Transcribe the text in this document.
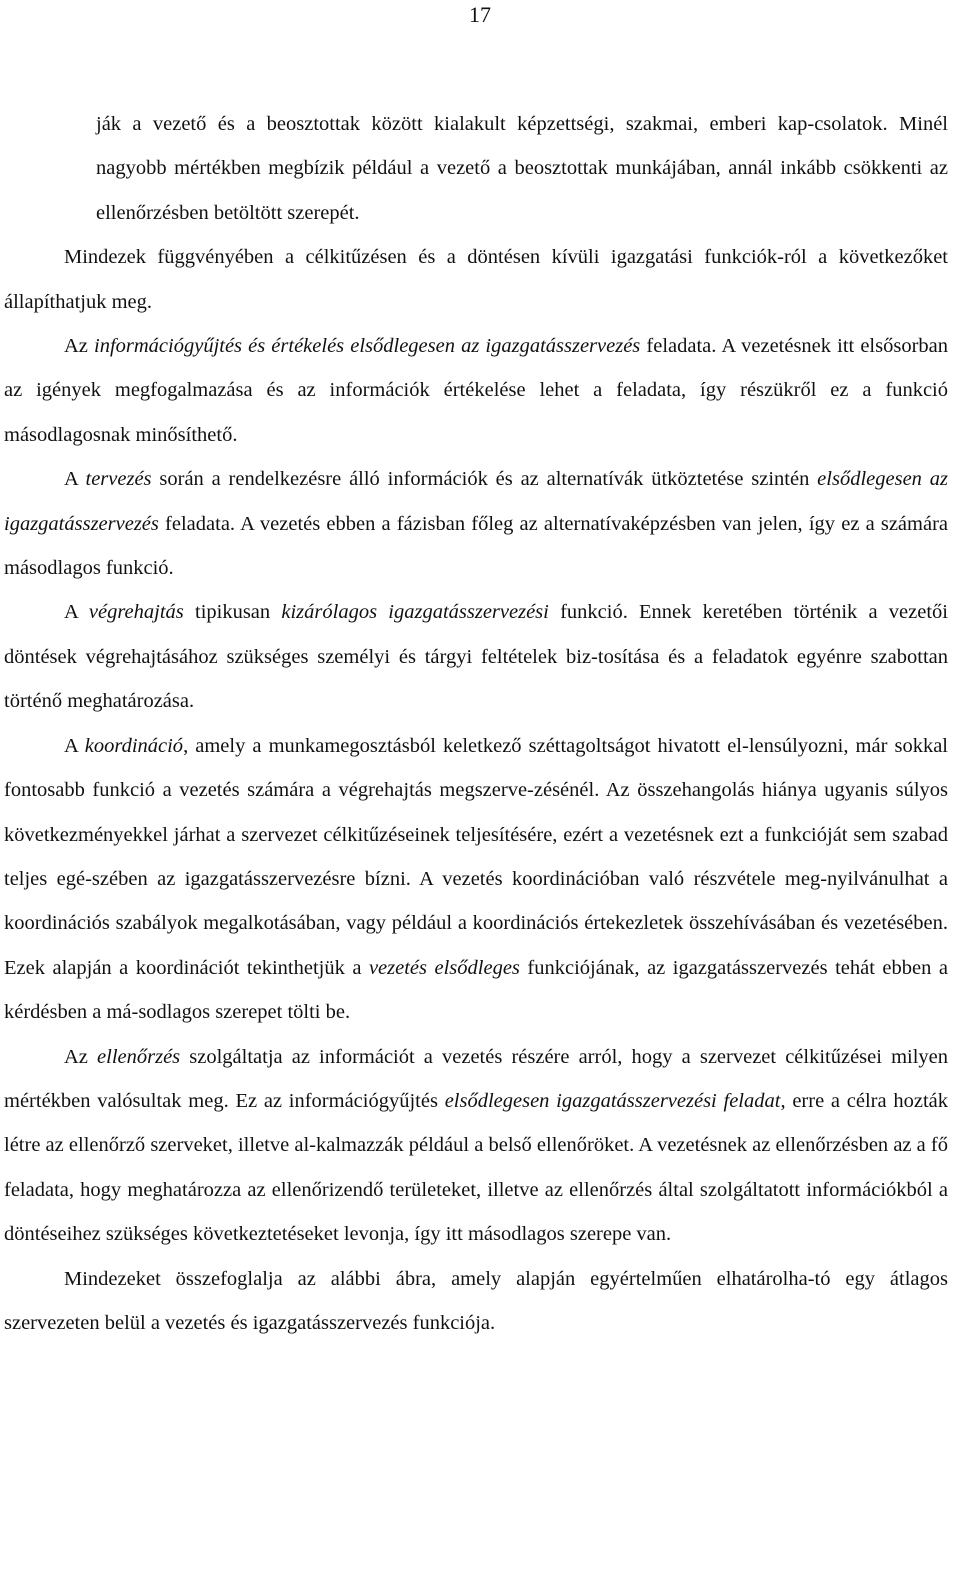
17

ják a vezető és a beosztottak között kialakult képzettségi, szakmai, emberi kap-csolatok. Minél nagyobb mértékben megbízik például a vezető a beosztottak munkájában, annál inkább csökkenti az ellenőrzésben betöltött szerepét.

Mindezek függvényében a célkitűzésen és a döntésen kívüli igazgatási funkciók-ról a következőket állapíthatjuk meg.

Az információgyűjtés és értékelés elsődlegesen az igazgatásszervezés feladata. A vezetésnek itt elsősorban az igények megfogalmazása és az információk értékelése lehet a feladata, így részükről ez a funkció másodlagosnak minősíthető.

A tervezés során a rendelkezésre álló információk és az alternatívák ütköztetése szintén elsődlegesen az igazgatásszervezés feladata. A vezetés ebben a fázisban főleg az alternatívaképzésben van jelen, így ez a számára másodlagos funkció.

A végrehajtás tipikusan kizárólagos igazgatásszervezési funkció. Ennek keretében történik a vezetői döntések végrehajtásához szükséges személyi és tárgyi feltételek biz-tosítása és a feladatok egyénre szabottan történő meghatározása.

A koordináció, amely a munkamegosztásból keletkező széttagoltságot hivatott el-lensúlyozni, már sokkal fontosabb funkció a vezetés számára a végrehajtás megszerve-zésénél. Az összehangolás hiánya ugyanis súlyos következményekkel járhat a szervezet célkitűzéseinek teljesítésére, ezért a vezetésnek ezt a funkcióját sem szabad teljes egé-szében az igazgatásszervezésre bízni. A vezetés koordinációban való részvétele meg-nyilvánulhat a koordinációs szabályok megalkotásában, vagy például a koordinációs értekezletek összehívásában és vezetésében. Ezek alapján a koordinációt tekinthetjük a vezetés elsődleges funkciójának, az igazgatásszervezés tehát ebben a kérdésben a má-sodlagos szerepet tölti be.

Az ellenőrzés szolgáltatja az információt a vezetés részére arról, hogy a szervezet célkitűzései milyen mértékben valósultak meg. Ez az információgyűjtés elsődlegesen igazgatásszervezési feladat, erre a célra hozták létre az ellenőrző szerveket, illetve al-kalmazzák például a belső ellenőröket. A vezetésnek az ellenőrzésben az a fő feladata, hogy meghatározza az ellenőrizendő területeket, illetve az ellenőrzés által szolgáltatott információkból a döntéseihez szükséges következtetéseket levonja, így itt másodlagos szerepe van.

Mindezeket összefoglalja az alábbi ábra, amely alapján egyértelműen elhatárolha-tó egy átlagos szervezeten belül a vezetés és igazgatásszervezés funkciója.
